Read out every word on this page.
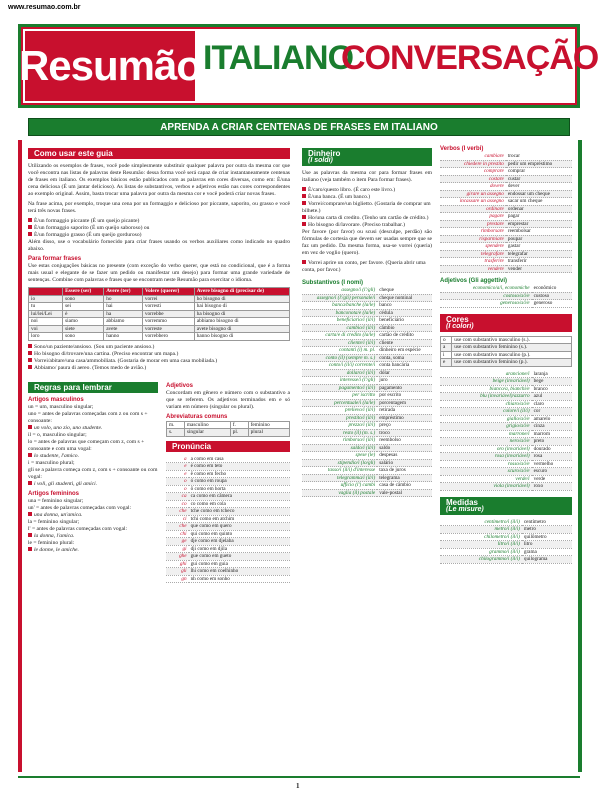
www.resumao.com.br
Resumão ITALIANO
CONVERSAÇÃO
APRENDA A CRIAR CENTENAS DE FRASES EM ITALIANO
Como usar este guia
Utilizando os exemplos de frases, você pode simplesmente substituir qualquer palavra por outra da mesma cor que você encontra nas listas de palavras deste Resumão: dessa forma você será capaz de criar instantaneamente centenas de frases em italiano. Os exemplos básicos estão publicados com as palavras em cores diversas, como em: È/una cena deliciosa (É um jantar delicioso). As listas de substantivos, verbos e adjetivos estão nas cores correspondentes ao exemplo original. Assim, basta trocar uma palavra por outra da mesma cor e você poderá criar novas frases.
Na frase acima, por exemplo, troque una cena por un formaggio e delicioso por piccante, saporito, ou grasso e você terá três novas frases.
È/un formaggio piccante (É um queijo picante)
È/un formaggio saporito (É um queijo saboroso) ou
È/un formaggio grasso (É um queijo gorduroso)
Além disso, use o vocabulário fornecido para criar frases usando os verbos auxiliares como indicado no quadro abaixo.
Para formar frases
Use estas conjugações básicas no presente (com exceção do verbo querer, que está no condicional, que é a forma mais usual e elegante de se fazer um pedido ou manifestar um desejo) para formar uma grande variedade de sentenças. Combine com palavras e frases que se encontram neste Resumão para exercitar o idioma.
	Essere (ser)	Avere (ter)	Volere (querer)	Avere bisogno di (precisar de)
io	sono	ho	vorrei	ho bisogno di
tu	sei	hai	vorresti	hai bisogno di
lui/lei/Lei	è	ha	vorrebbe	ha bisogno di
noi	siamo	abbiamo	vorremmo	abbiamo bisogno di
voi	siete	avete	vorreste	avete bisogno di
loro	sono	hanno	vorrebbero	hanno bisogno di
Sono/un paziente/ansioso. (Sou um paciente ansioso.)
Ho bisogno di/trovare/una cartina. (Preciso encontrar um mapa.)
Vorrei/abitare/una casa/ammobiliata. (Gostaria de morar em uma casa mobiliada.)
Abbiamo/ paura di aereo. (Temos medo de avião.)
Regras para lembrar
Artigos masculinos
un = um, masculino singular;
uno = antes de palavras começadas com z ou com s + consoante:
un volo, uno zio, uno studente.
il = o, masculino singular;
lo = antes de palavras que começam com z, com s + consoante e com uma vogal:
lo studente, l'amico.
i = masculino plural;
gli se a palavra começa com z, com s + consoante ou com vogal:
i voli, gli studenti, gli amici.
Artigos femininos
una = feminino singular;
un' = antes de palavras começadas com vogal:
una donna, un'amica.
la = feminino singular;
l' = antes de palavras começadas com vogal:
la donna, l'amica.
le = feminino plural:
le donne, le amiche.
Adjetivos
Concordam em gênero e número com o substantivo a que se referem. Os adjetivos terminados em e só variam em número (singular ou plural).
Abreviaturas comuns
m.	masculino	f.	feminino
s.	singular	pl.	plural
Pronúncia
a	a como em casa
e	é como em teto
e	ê como em fecho
o	ó como em roupa
o	ô como em horta
ca	ca como em câmera
co	co como em cola
che	tche como em tcheco
ci	tchi como em atchim
che	que como em quero
chi	qui como em quinto
ge	dje como em djelaba
gi	dji como em djila
ghe	gue como em gueto
ghi	gui como em guia
gli	lhi como em coelhinho
gn	nh como em sonho
Dinheiro
(I soldi)
Use as palavras da mesma cor para formar frases em italiano (veja também o item Para formar frases).
È/caro/questo libro. (É caro este livro.)
È/una banca. (É um banco.)
Vorrei/comprare/un biglietto. (Gostaria de comprar um bilhete.)
Ho/una carta di credito. (Tenho um cartão de crédito.)
Ho bisogno di/lavorare. (Preciso trabalhar.)
Per favore (por favor) ou scusi (desculpe, perdão) são fórmulas de cortesia que devem ser usadas sempre que se faz um pedido. Da mesma forma, usa-se vorrei (queria) em vez de voglio (quero).
Vorrei aprire un conto, per favore. (Queria abrir uma conta, por favor.)
Substantivos (I nomi)
assegno/i (l'/gli)	cheque
assegno/i (l'/gli) personale/i	cheque nominal
banca/banche (la/le)	banco
banconota/e (la/le)	cédula
beneficiario/i (il/i)	beneficiário
cambio/i (il/i)	câmbio
carta/e di credito (la/le)	cartão de crédito
cliente/i (il/i)	cliente
contanti (i) m. pl.	dinheiro em espécie
conto (il) (sempre m. s.)	conta, soma
conto/i (il/i) corrente/i	conta bancária
dollaro/i (il/i)	dólar
interesse/i (l'/gli)	juro
pagamento/i (il/i)	pagamento
per iscritto	por escrito
percentuale/i (la/le)	porcentagem
prelievo/i (il/i)	retirada
prestito/i (il/i)	empréstimo
prezzo/i (il/i)	preço
resto (il) (m. s.)	troco
rimborso/i (il/i)	reembolso
saldo/i (il/i)	saldo
spese (le)	despesas
stipendio/i (lo/gli)	salário
tasso/i (il/i) d'interesse	taxa de juros
telegramma/i (il/i)	telegrama
ufficio (l') cambi	casa de câmbio
vaglia (il) postale	vale-postal
Verbos (I verbi)
cambiare	trocar
chiedere in prestito	pedir um empréstimo
comprare	comprar
costare	custar
dovere	dever
girare un assegno	endossar um cheque
incassare un assegno	sacar um cheque
ordinare	ordenar
pagare	pagar
prestare	emprestar
rimborsare	reembolsar
risparmiare	poupar
spendere	gastar
telegrafare	telegrafar
trasferire	transferir
vendere	vender
Adjetivos (Gli aggettivi)
economico/a/i, economiche	econômico
costoso/a/i/e	custoso
generoso/a/i/e	generoso
Cores
(I colori)
o	use com substantivo masculino (s.).
a	use com substantivo feminino (s.).
i	use com substantivo masculino (p.).
e	use com substantivo feminino (p.).
arancione/i	laranja
beige (invariável)	bege
bianco/a, bianchi/e	branco
blu (invariável)/azzurro	azul
chiaro/a/i/e	claro
colore/i (il/i)	cor
giallo/a/i/e	amarelo
grigio/a/i/e	cinza
marrone/i	marrom
nero/a/i/e	preto
oro (invariável)	dourado
rosa (invariável)	rosa
rosso/a/i/e	vermelho
scuro/a/i/e	escuro
verde/i	verde
viola (invariável)	roxo
Medidas
(Le misure)
centimetro/i (il/i)	centímetro
metro/i (il/i)	metro
chilometro/i (il/i)	quilômetro
litro/i (il/i)	litro
grammo/i (il/i)	grama
chilogrammo/i (il/i)	quilograma
1
